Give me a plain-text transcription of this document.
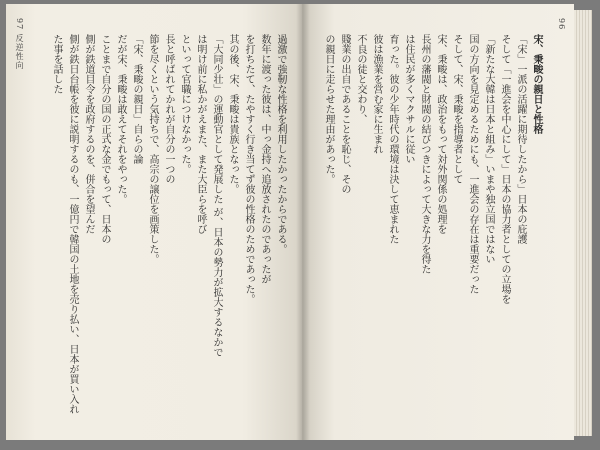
97 反逆性向	過激で強靭な性格を利用したかったからである。
数年に渡った彼は、中っ金持へ追放されたのであったが
を打ちたて、たやすく行き当てず彼の性格のためであった。
其の後、宋、秉畯は貴族となった。
「大同少壮」の運動官として発展した が、日本の勢力が拡大するなかで
は明け前に私かがえまた、また大臣らを呼び
といって官職につけなかった。
長と呼ばれてかれが自分の一つの
節を尽くという気持ちで、高宗の譲位を画策した。
「宋、秉畯の親日」自らの論
だが宋、秉畯は敢えてそれをやった。
ことまで自分の国の正式な金でもって、日本の
側が鉄道目令を政府するのを、併合を望んだ
側が鉄日台帳を彼に説明するのも、一億円で韓国の土地を売り払い、日本が買い入れた事を話した
96
宋、秉畯の親日と性格
「宋」一派の活躍に期待したから」日本の庇護
そして「一進会を中心にして」日本の協力者としての立場を
「新たな大韓は日本と組み」いまや独立国ではない
国の方向を見定めるためにも、一進会の存在は重要だった
そして、宋、秉畯を指導者として
宋、秉畯は、政治をもって対外関係の処理を
長州の藩閥と財閥の結びつきによって大きな力を得た
は住民が多くマクサルに従い
育った。彼の少年時代の環境は決して恵まれた
彼は漁業を営む家に生まれ
不良の徒と交わり、
賤業の出自であることを恥じ、その
の親日に走らせた理由があった。
